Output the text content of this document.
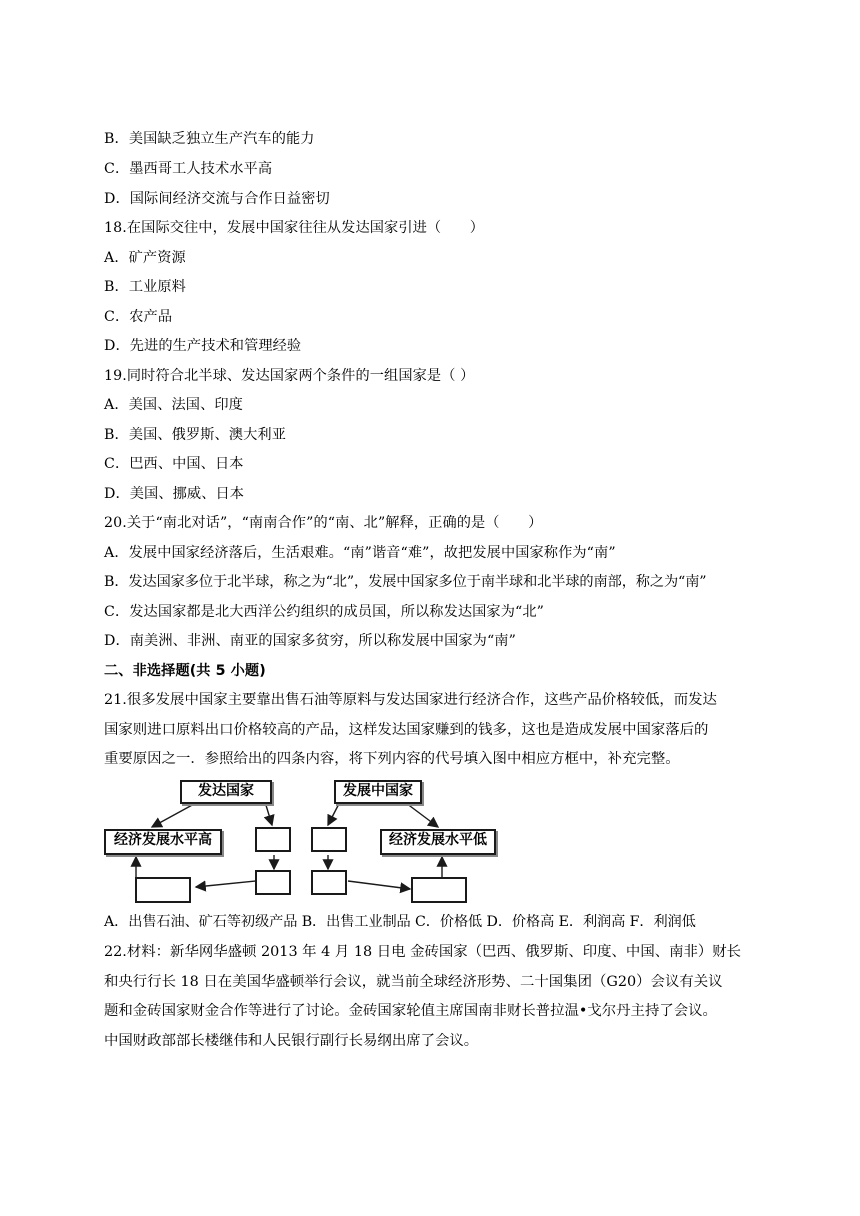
B．美国缺乏独立生产汽车的能力
C．墨西哥工人技术水平高
D．国际间经济交流与合作日益密切
18.在国际交往中，发展中国家往往从发达国家引进（　　）
A．矿产资源
B．工业原料
C．农产品
D．先进的生产技术和管理经验
19.同时符合北半球、发达国家两个条件的一组国家是（ ）
A．美国、法国、印度
B．美国、俄罗斯、澳大利亚
C．巴西、中国、日本
D．美国、挪威、日本
20.关于“南北对话”，“南南合作”的“南、北”解释，正确的是（　　）
A．发展中国家经济落后，生活艰难。“南”谐音“难”，故把发展中国家称作为“南”
B．发达国家多位于北半球，称之为“北”，发展中国家多位于南半球和北半球的南部，称之为“南”
C．发达国家都是北大西洋公约组织的成员国，所以称发达国家为“北”
D．南美洲、非洲、南亚的国家多贫穷，所以称发展中国家为“南”
二、非选择题(共 5 小题)
21.很多发展中国家主要靠出售石油等原料与发达国家进行经济合作，这些产品价格较低，而发达
国家则进口原料出口价格较高的产品，这样发达国家赚到的钱多，这也是造成发展中国家落后的
重要原因之一．参照给出的四条内容，将下列内容的代号填入图中相应方框中，补充完整。
发达国家
经济发展水平高
发展中国家
经济发展水平低
A．出售石油、矿石等初级产品 B．出售工业制品 C．价格低 D．价格高 E．利润高 F．利润低
22.材料：新华网华盛顿 2013 年 4 月 18 日电 金砖国家（巴西、俄罗斯、印度、中国、南非）财长
和央行行长 18 日在美国华盛顿举行会议，就当前全球经济形势、二十国集团（G20）会议有关议
题和金砖国家财金合作等进行了讨论。金砖国家轮值主席国南非财长普拉温•戈尔丹主持了会议。
中国财政部部长楼继伟和人民银行副行长易纲出席了会议。
